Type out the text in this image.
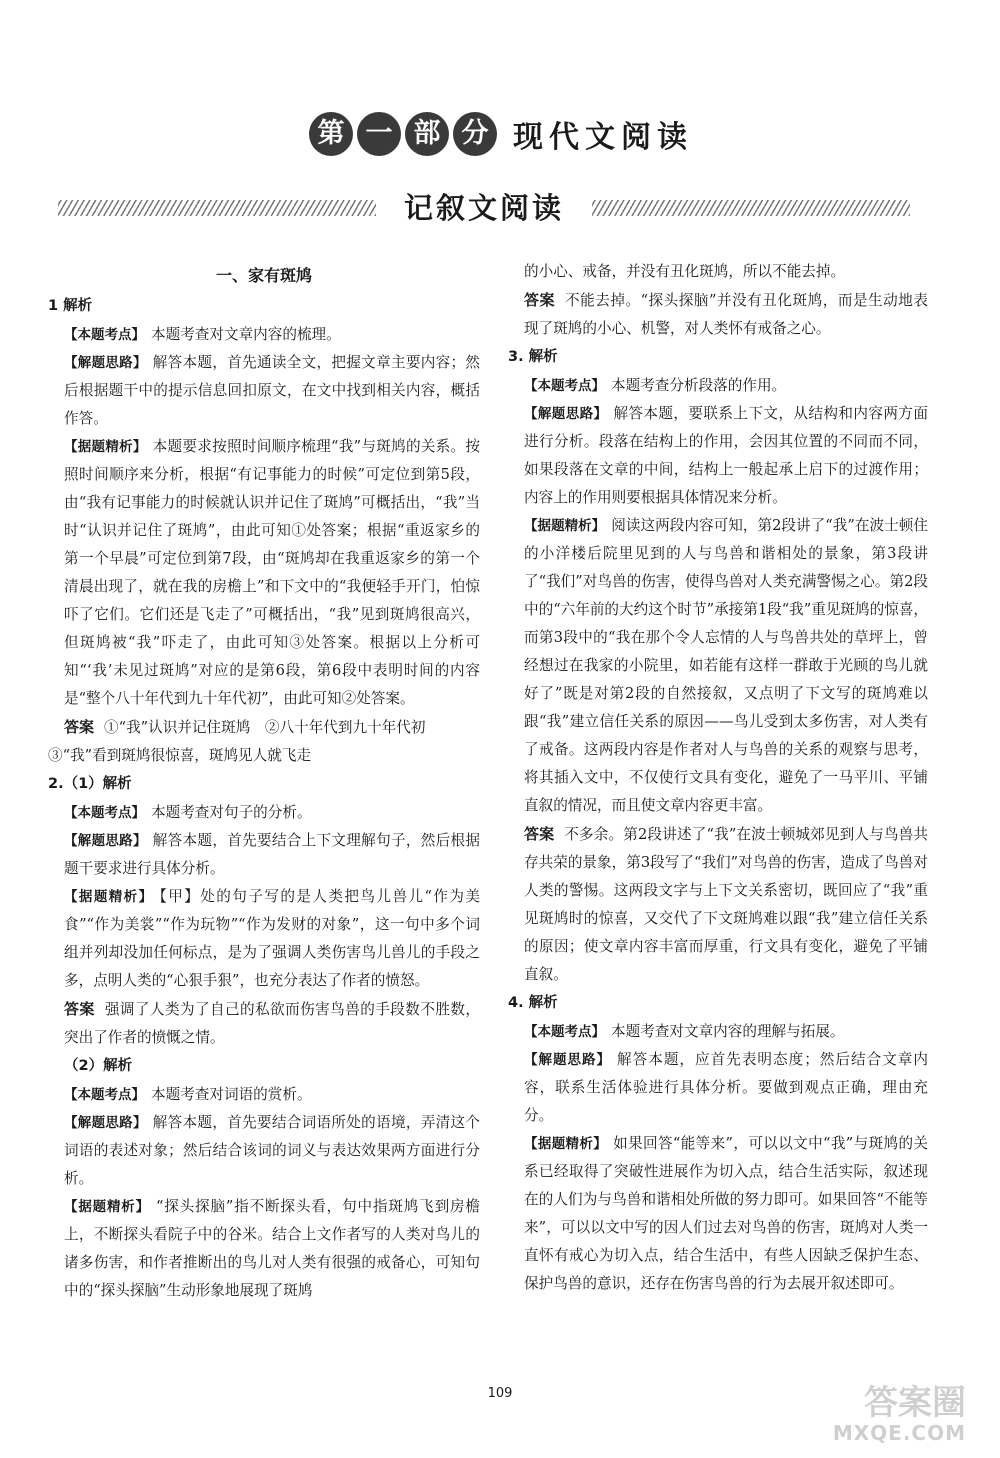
第 一 部 分 现代文阅读
记叙文阅读
一、家有斑鸠
1 解析

【本题考点】 本题考查对文章内容的梳理。

【解题思路】 解答本题，首先通读全文，把握文章主要内容；然后根据题干中的提示信息回扣原文，在文中找到相关内容，概括作答。

【据题精析】 本题要求按照时间顺序梳理“我”与斑鸠的关系。按照时间顺序来分析，根据“有记事能力的时候”可定位到第5段，由“我有记事能力的时候就认识并记住了斑鸠”可概括出，“我”当时“认识并记住了斑鸠”，由此可知①处答案；根据“重返家乡的第一个早晨”可定位到第7段，由“斑鸠却在我重返家乡的第一个清晨出现了，就在我的房檐上”和下文中的“我便轻手开门，怕惊吓了它们。它们还是飞走了”可概括出，“我”见到斑鸠很高兴，但斑鸠被“我”吓走了，由此可知③处答案。根据以上分析可知“‘我’未见过斑鸠”对应的是第6段，第6段中表明时间的内容是“整个八十年代到九十年代初”，由此可知②处答案。

答案 ①“我”认识并记住斑鸠　②八十年代到九十年代初

③“我”看到斑鸠很惊喜，斑鸠见人就飞走

2.（1）解析

【本题考点】 本题考查对句子的分析。

【解题思路】 解答本题，首先要结合上下文理解句子，然后根据题干要求进行具体分析。

【据题精析】 【甲】处的句子写的是人类把鸟儿兽儿“作为美食”“作为美裳”“作为玩物”“作为发财的对象”，这一句中多个词组并列却没加任何标点，是为了强调人类伤害鸟儿兽儿的手段之多，点明人类的“心狠手狠”，也充分表达了作者的愤怒。

答案 强调了人类为了自己的私欲而伤害鸟兽的手段数不胜数，突出了作者的愤慨之情。

（2）解析

【本题考点】 本题考查对词语的赏析。

【解题思路】 解答本题，首先要结合词语所处的语境，弄清这个词语的表述对象；然后结合该词的词义与表达效果两方面进行分析。

【据题精析】 “探头探脑”指不断探头看，句中指斑鸠飞到房檐上，不断探头看院子中的谷米。结合上文作者写的人类对鸟儿的诸多伤害，和作者推断出的鸟儿对人类有很强的戒备心，可知句中的“探头探脑”生动形象地展现了斑鸠

的小心、戒备，并没有丑化斑鸠，所以不能去掉。

答案 不能去掉。“探头探脑”并没有丑化斑鸠，而是生动地表现了斑鸠的小心、机警，对人类怀有戒备之心。

3. 解析

【本题考点】 本题考查分析段落的作用。

【解题思路】 解答本题，要联系上下文，从结构和内容两方面进行分析。段落在结构上的作用，会因其位置的不同而不同，如果段落在文章的中间，结构上一般起承上启下的过渡作用；内容上的作用则要根据具体情况来分析。

【据题精析】 阅读这两段内容可知，第2段讲了“我”在波士顿住的小洋楼后院里见到的人与鸟兽和谐相处的景象，第3段讲了“我们”对鸟兽的伤害，使得鸟兽对人类充满警惕之心。第2段中的“六年前的大约这个时节”承接第1段“我”重见斑鸠的惊喜，而第3段中的“我在那个令人忘情的人与鸟兽共处的草坪上，曾经想过在我家的小院里，如若能有这样一群敢于光顾的鸟儿就好了”既是对第2段的自然接叙，又点明了下文写的斑鸠难以跟“我”建立信任关系的原因——鸟儿受到太多伤害，对人类有了戒备。这两段内容是作者对人与鸟兽的关系的观察与思考，将其插入文中，不仅使行文具有变化，避免了一马平川、平铺直叙的情况，而且使文章内容更丰富。

答案 不多余。第2段讲述了“我”在波士顿城郊见到人与鸟兽共存共荣的景象，第3段写了“我们”对鸟兽的伤害，造成了鸟兽对人类的警惕。这两段文字与上下文关系密切，既回应了“我”重见斑鸠时的惊喜，又交代了下文斑鸠难以跟“我”建立信任关系的原因；使文章内容丰富而厚重，行文具有变化，避免了平铺直叙。

4. 解析

【本题考点】 本题考查对文章内容的理解与拓展。

【解题思路】 解答本题，应首先表明态度；然后结合文章内容，联系生活体验进行具体分析。要做到观点正确，理由充分。

【据题精析】 如果回答“能等来”，可以以文中“我”与斑鸠的关系已经取得了突破性进展作为切入点，结合生活实际，叙述现在的人们为与鸟兽和谐相处所做的努力即可。如果回答“不能等来”，可以以文中写的因人们过去对鸟兽的伤害，斑鸠对人类一直怀有戒心为切入点，结合生活中，有些人因缺乏保护生态、保护鸟兽的意识，还存在伤害鸟兽的行为去展开叙述即可。

109	答案圈
MXQE.COM
